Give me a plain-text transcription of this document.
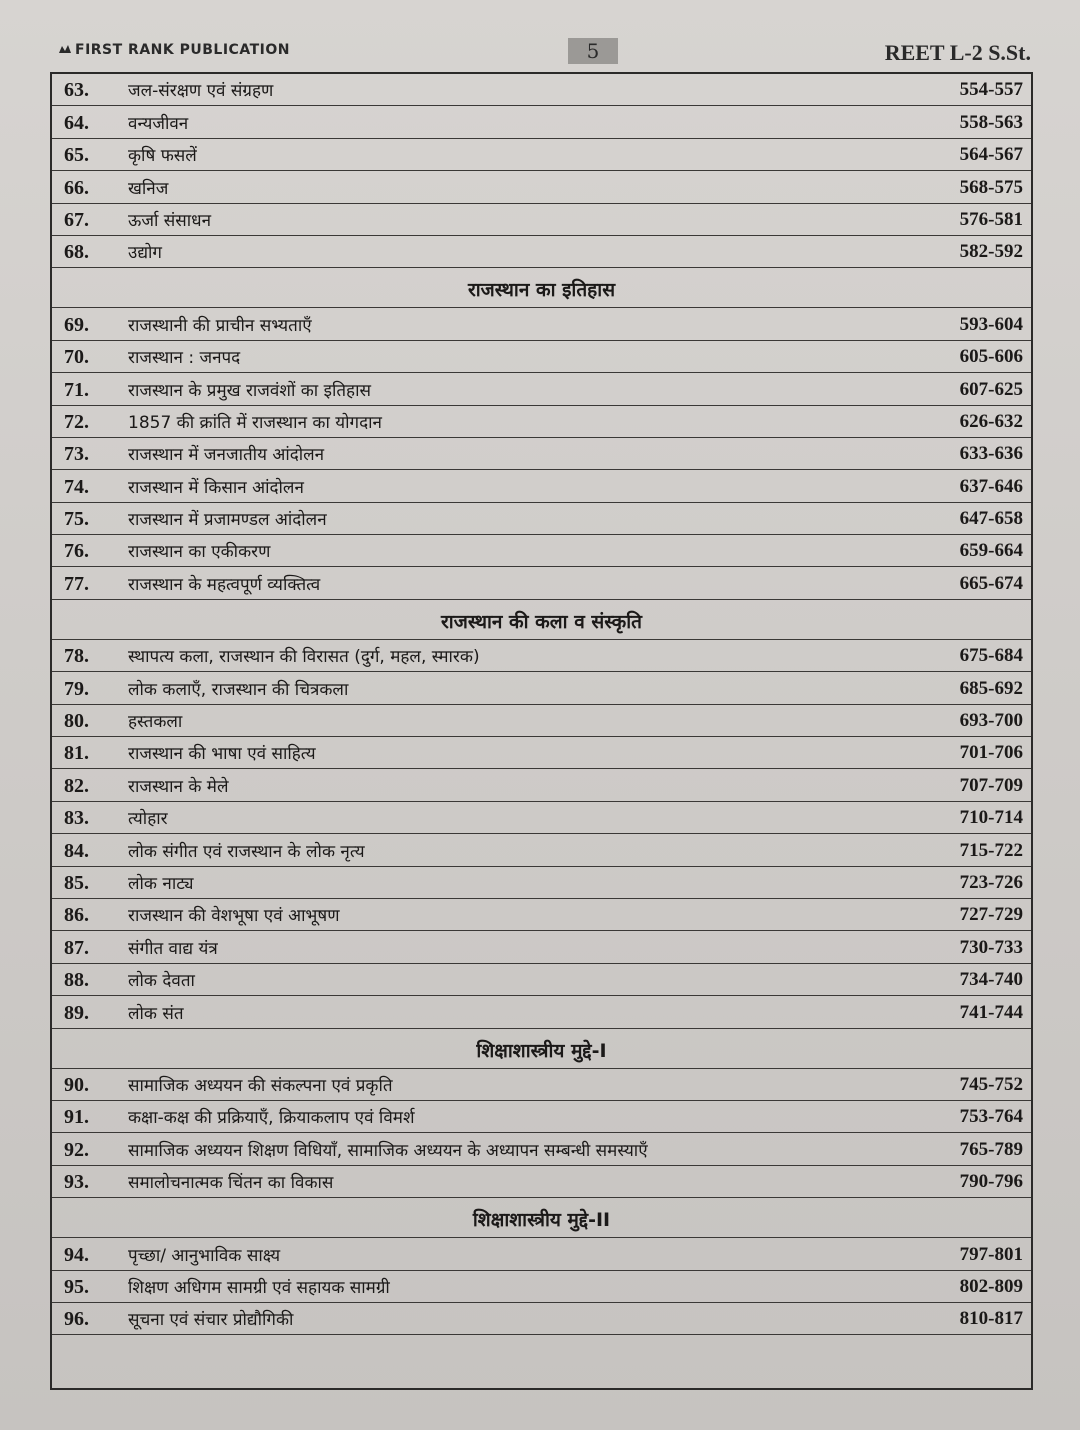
FIRST RANK PUBLICATION	5	REET L-2 S.St.
63. जल-संरक्षण एवं संग्रहण	554-557
64. वन्यजीवन	558-563
65. कृषि फसलें	564-567
66. खनिज	568-575
67. ऊर्जा संसाधन	576-581
68. उद्योग	582-592
राजस्थान का इतिहास
69. राजस्थानी की प्राचीन सभ्यताएँ	593-604
70. राजस्थान : जनपद	605-606
71. राजस्थान के प्रमुख राजवंशों का इतिहास	607-625
72. 1857 की क्रांति में राजस्थान का योगदान	626-632
73. राजस्थान में जनजातीय आंदोलन	633-636
74. राजस्थान में किसान आंदोलन	637-646
75. राजस्थान में प्रजामण्डल आंदोलन	647-658
76. राजस्थान का एकीकरण	659-664
77. राजस्थान के महत्वपूर्ण व्यक्तित्व	665-674
राजस्थान की कला व संस्कृति
78. स्थापत्य कला, राजस्थान की विरासत (दुर्ग, महल, स्मारक)	675-684
79. लोक कलाएँ, राजस्थान की चित्रकला	685-692
80. हस्तकला	693-700
81. राजस्थान की भाषा एवं साहित्य	701-706
82. राजस्थान के मेले	707-709
83. त्योहार	710-714
84. लोक संगीत एवं राजस्थान के लोक नृत्य	715-722
85. लोक नाट्य	723-726
86. राजस्थान की वेशभूषा एवं आभूषण	727-729
87. संगीत वाद्य यंत्र	730-733
88. लोक देवता	734-740
89. लोक संत	741-744
शिक्षाशास्त्रीय मुद्दे-I
90. सामाजिक अध्ययन की संकल्पना एवं प्रकृति	745-752
91. कक्षा-कक्ष की प्रक्रियाएँ, क्रियाकलाप एवं विमर्श	753-764
92. सामाजिक अध्ययन शिक्षण विधियाँ, सामाजिक अध्ययन के अध्यापन सम्बन्धी समस्याएँ	765-789
93. समालोचनात्मक चिंतन का विकास	790-796
शिक्षाशास्त्रीय मुद्दे-II
94. पृच्छा/ आनुभाविक साक्ष्य	797-801
95. शिक्षण अधिगम सामग्री एवं सहायक सामग्री	802-809
96. सूचना एवं संचार प्रोद्यौगिकी	810-817
